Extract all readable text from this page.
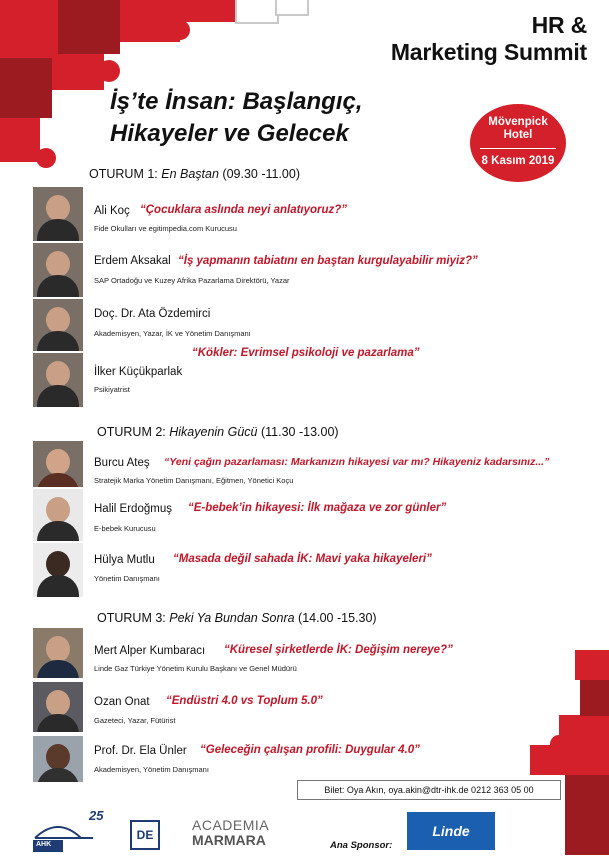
HR &
Marketing Summit
İş’te İnsan: Başlangıç,
Hikayeler ve Gelecek	Mövenpick
Hotel
8 Kasım 2019
OTURUM 1: En Baştan (09.30 -11.00)
Ali Koç “Çocuklara aslında neyi anlatıyoruz?”
Fide Okulları ve egitimpedia.com Kurucusu
Erdem Aksakal “İş yapmanın tabiatını en baştan kurgulayabilir miyiz?”
SAP Ortadoğu ve Kuzey Afrika Pazarlama Direktörü, Yazar
Doç. Dr. Ata Özdemirci
Akademisyen, Yazar, İK ve Yönetim Danışmanı
“Kökler: Evrimsel psikoloji ve pazarlama”
İlker Küçükparlak
Psikiyatrist
OTURUM 2: Hikayenin Gücü (11.30 -13.00)
Burcu Ateş “Yeni çağın pazarlaması: Markanızın hikayesi var mı? Hikayeniz kadarsınız...”
Stratejik Marka Yönetim Danışmanı, Eğitmen, Yönetici Koçu
Halil Erdoğmuş “E-bebek’in hikayesi: İlk mağaza ve zor günler”
E-bebek Kurucusu
Hülya Mutlu “Masada değil sahada İK: Mavi yaka hikayeleri”
Yönetim Danışmanı
OTURUM 3: Peki Ya Bundan Sonra (14.00 -15.30)
Mert Alper Kumbaracı “Küresel şirketlerde İK: Değişim nereye?”
Linde Gaz Türkiye Yönetim Kurulu Başkanı ve Genel Müdürü
Ozan Onat “Endüstri 4.0 vs Toplum 5.0”
Gazeteci, Yazar, Fütürist
Prof. Dr. Ela Ünler “Geleceğin çalışan profili: Duygular 4.0”
Akademisyen, Yönetim Danışmanı
Bilet: Oya Akın, oya.akin@dtr-ihk.de 0212 363 05 00
AHK
25
DE
ACADEMIA
MARMARA	Ana Sponsor:
Linde
